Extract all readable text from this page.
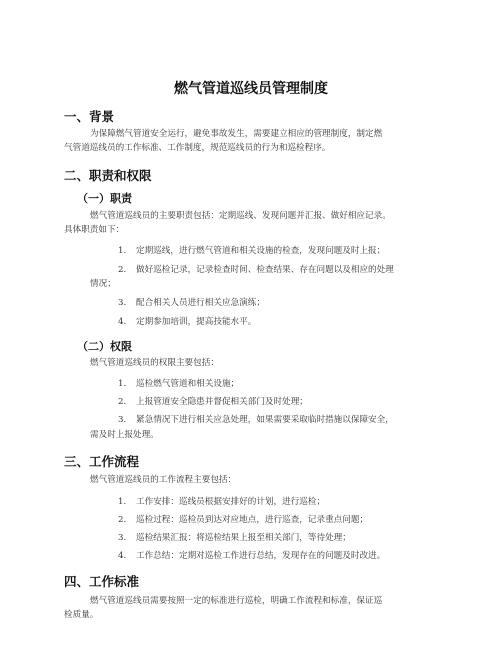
燃气管道巡线员管理制度
一、背景
为保障燃气管道安全运行，避免事故发生，需要建立相应的管理制度，制定燃
气管道巡线员的工作标准、工作制度，规范巡线员的行为和巡检程序。
二、职责和权限
（一）职责
燃气管道巡线员的主要职责包括：定期巡线、发现问题并汇报、做好相应记录。
具体职责如下：
1. 定期巡线，进行燃气管道和相关设施的检查，发现问题及时上报；
2. 做好巡检记录，记录检查时间、检查结果、存在问题以及相应的处理
情况；
3. 配合相关人员进行相关应急演练；
4. 定期参加培训，提高技能水平。
（二）权限
燃气管道巡线员的权限主要包括：
1. 巡检燃气管道和相关设施；
2. 上报管道安全隐患并督促相关部门及时处理；
3. 紧急情况下进行相关应急处理，如果需要采取临时措施以保障安全，
需及时上报处理。
三、工作流程
燃气管道巡线员的工作流程主要包括：
1. 工作安排：巡线员根据安排好的计划，进行巡检；
2. 巡检过程：巡检员到达对应地点，进行巡查，记录重点问题；
3. 巡检结果汇报：将巡检结果上报至相关部门，等待处理；
4. 工作总结：定期对巡检工作进行总结，发现存在的问题及时改进。
四、工作标准
燃气管道巡线员需要按照一定的标准进行巡检，明确工作流程和标准，保证巡
检质量。
